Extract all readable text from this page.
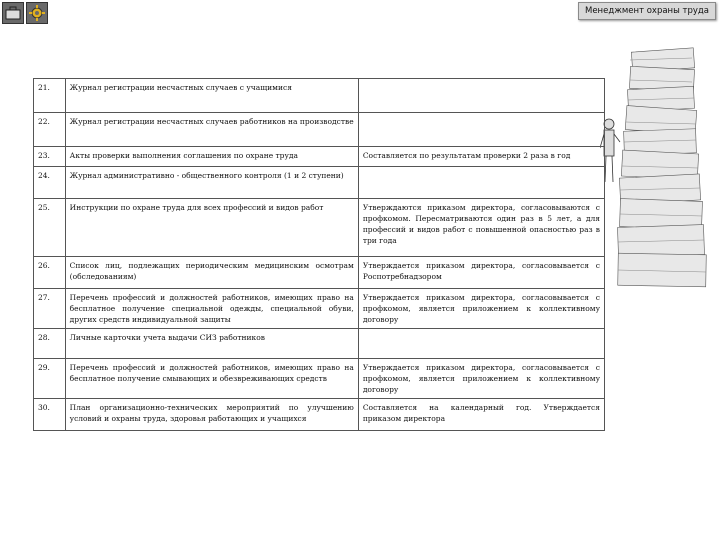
Менеджмент охраны труда
21.	Журнал регистрации несчастных случаев с учащимися	
22.	Журнал регистрации несчастных случаев работников на производстве	
23.	Акты проверки выполнения соглашения по охране труда	Составляется по результатам проверки 2 раза в год
24.	Журнал административно - общественного контроля (1 и 2 ступени)	
25.	Инструкции по охране труда для всех профессий и видов работ	Утверждаются приказом директора, согласовываются с профкомом. Пересматриваются один раз в 5 лет, а для профессий и видов работ с повышенной опасностью раз в три года
26.	Список лиц, подлежащих периодическим медицинским осмотрам (обследованиям)	Утверждается приказом директора, согласовывается с Роспотребнадзором
27.	Перечень профессий и должностей работников, имеющих право на бесплатное получение специальной одежды, специальной обуви, других средств индивидуальной защиты	Утверждается приказом директора, согласовывается с профкомом, является приложением к коллективному договору
28.	Личные карточки учета выдачи СИЗ работников	
29.	Перечень профессий и должностей работников, имеющих право на бесплатное получение смывающих и обезвреживающих средств	Утверждается приказом директора, согласовывается с профкомом, является приложением к коллективному договору
30.	План организационно-технических мероприятий по улучшению условий и охраны труда, здоровья работающих и учащихся	Составляется на календарный год. Утверждается приказом директора
